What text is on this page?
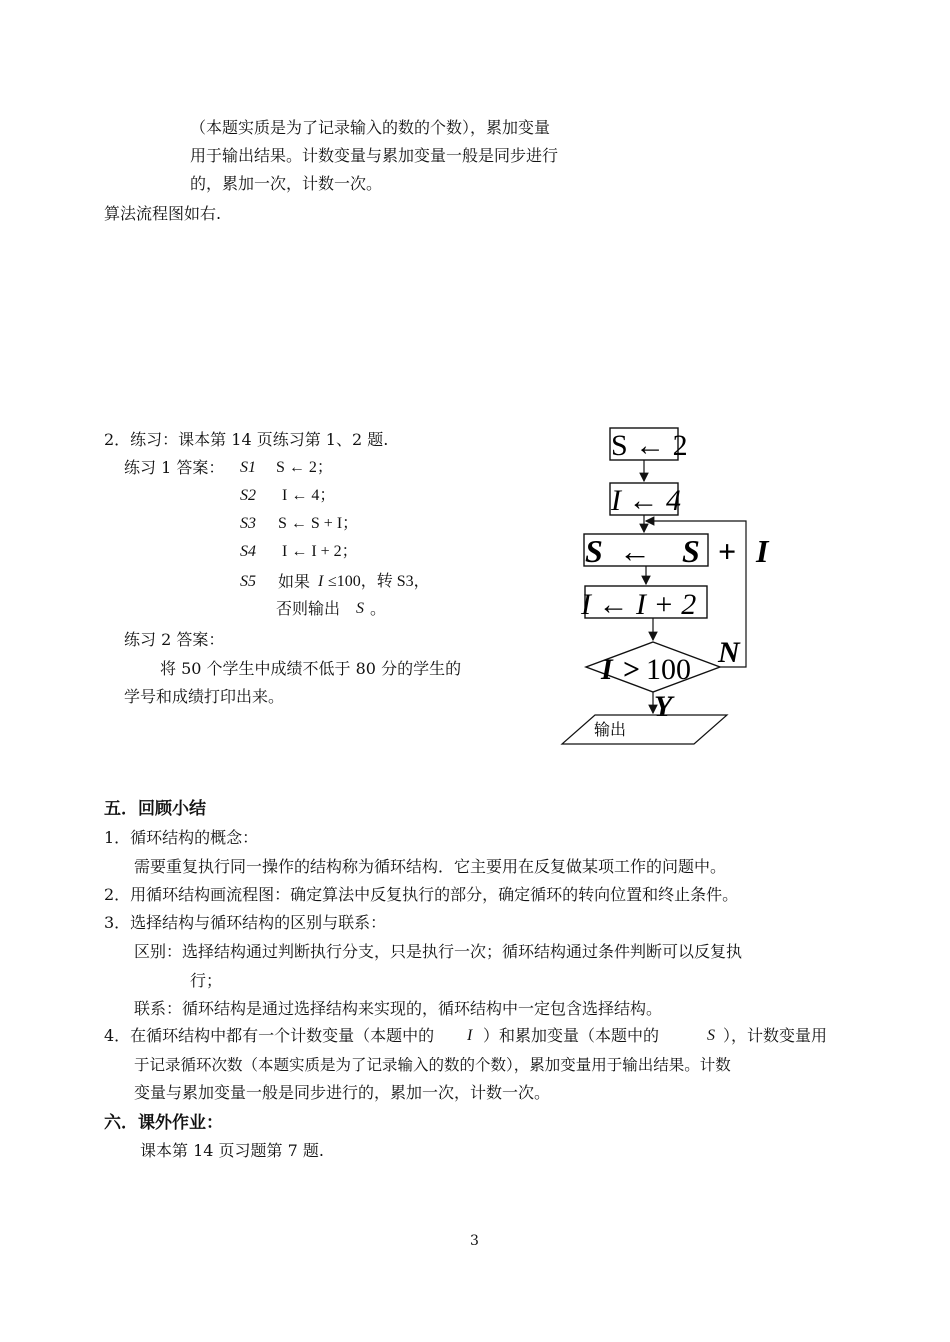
（本题实质是为了记录输入的数的个数），累加变量
用于输出结果。计数变量与累加变量一般是同步进行
的，累加一次，计数一次。
算法流程图如右.
2．练习：课本第 14 页练习第 1、2 题.
练习 1 答案： S1 S ← 2；
S2 I ← 4；
S3 S ← S + I；
S4 I ← I + 2；
S5 如果 I ≤100，转 S3，
否则输出 S 。
练习 2 答案：
将 50 个学生中成绩不低于 80 分的学生的
学号和成绩打印出来。
S ← 2
I ← 4
S ← S + I
I ← I + 2
I > 100
N
Y
输出
五．回顾小结
1．循环结构的概念：
需要重复执行同一操作的结构称为循环结构．它主要用在反复做某项工作的问题中。
2．用循环结构画流程图：确定算法中反复执行的部分，确定循环的转向位置和终止条件。
3．选择结构与循环结构的区别与联系：
区别：选择结构通过判断执行分支，只是执行一次；循环结构通过条件判断可以反复执
行；
联系：循环结构是通过选择结构来实现的，循环结构中一定包含选择结构。
4．在循环结构中都有一个计数变量（本题中的 I ）和累加变量（本题中的	S ），计数变量用
于记录循环次数（本题实质是为了记录输入的数的个数），累加变量用于输出结果。计数
变量与累加变量一般是同步进行的，累加一次，计数一次。
六．课外作业：
课本第 14 页习题第 7 题.
3
